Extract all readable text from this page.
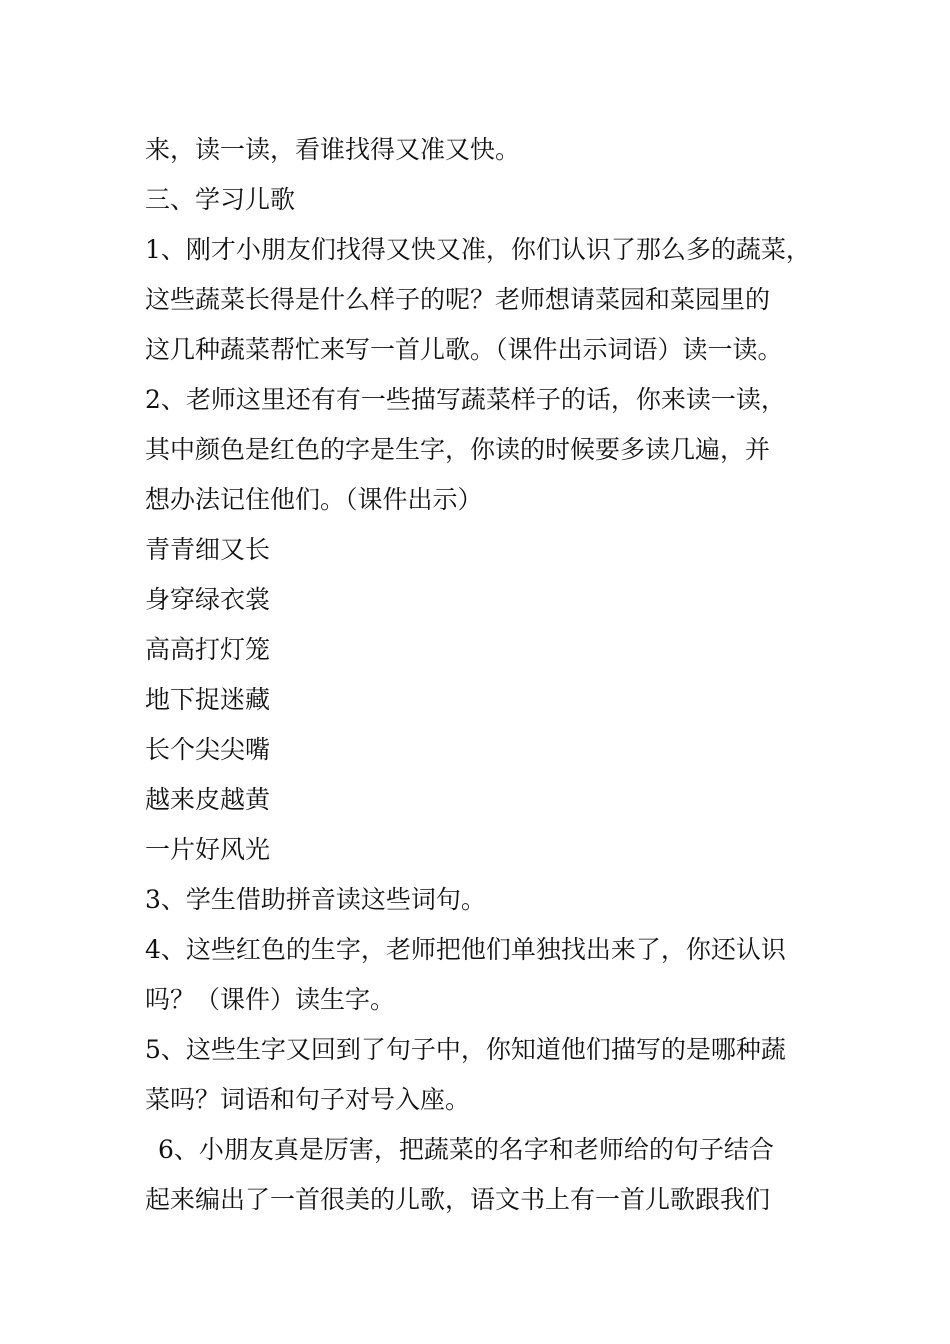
来，读一读，看谁找得又准又快。

三、学习儿歌

1、刚才小朋友们找得又快又准，你们认识了那么多的蔬菜，

这些蔬菜长得是什么样子的呢？老师想请菜园和菜园里的

这几种蔬菜帮忙来写一首儿歌。（课件出示词语）读一读。

2、老师这里还有有一些描写蔬菜样子的话，你来读一读，

其中颜色是红色的字是生字，你读的时候要多读几遍，并

想办法记住他们。（课件出示）

青青细又长

身穿绿衣裳

高高打灯笼

地下捉迷藏

长个尖尖嘴

越来皮越黄

一片好风光

3、学生借助拼音读这些词句。

4、这些红色的生字，老师把他们单独找出来了，你还认识

吗？（课件）读生字。

5、这些生字又回到了句子中，你知道他们描写的是哪种蔬

菜吗？词语和句子对号入座。

6、小朋友真是厉害，把蔬菜的名字和老师给的句子结合

起来编出了一首很美的儿歌，语文书上有一首儿歌跟我们
